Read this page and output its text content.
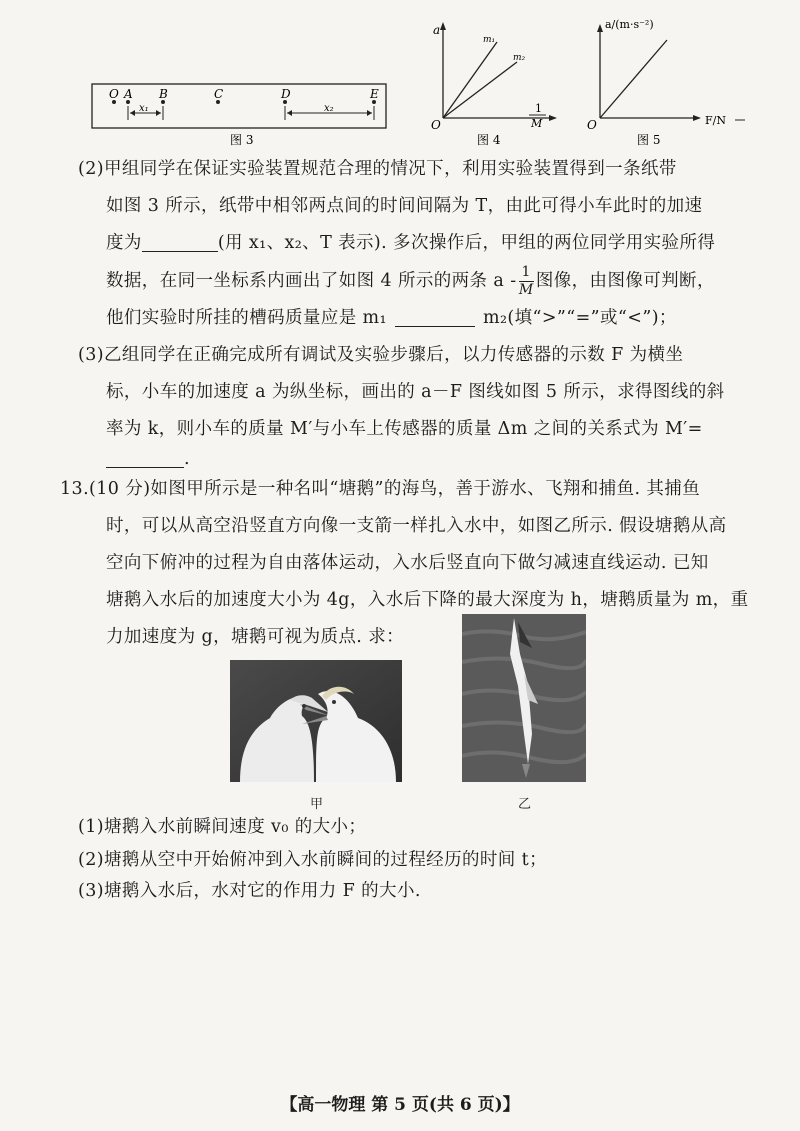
O A B	C	D	E
x₁	x₂
图 3
a
O
m₁
m₂
1
M
图 4
a/(m·s⁻²)
O	F/N
图 5
(2)甲组同学在保证实验装置规范合理的情况下，利用实验装置得到一条纸带
如图 3 所示，纸带中相邻两点间的时间间隔为 T，由此可得小车此时的加速
度为	(用 x₁、x₂、T 表示). 多次操作后，甲组的两位同学用实验所得
数据，在同一坐标系内画出了如图 4 所示的两条 a - $\frac{1}{M}$ 图像，由图像可判断，
他们实验时所挂的槽码质量应是 m₁	m₂(填“>”“=”或“<”)；
(3)乙组同学在正确完成所有调试及实验步骤后，以力传感器的示数 F 为横坐
标，小车的加速度 a 为纵坐标，画出的 a－F 图线如图 5 所示，求得图线的斜
率为 k，则小车的质量 M′与小车上传感器的质量 Δm 之间的关系式为 M′=
.
13.(10 分)如图甲所示是一种名叫“塘鹅”的海鸟，善于游水、飞翔和捕鱼. 其捕鱼
时，可以从高空沿竖直方向像一支箭一样扎入水中，如图乙所示. 假设塘鹅从高
空向下俯冲的过程为自由落体运动，入水后竖直向下做匀减速直线运动. 已知
塘鹅入水后的加速度大小为 4g，入水后下降的最大深度为 h，塘鹅质量为 m，重
力加速度为 g，塘鹅可视为质点. 求：
甲	乙
(1)塘鹅入水前瞬间速度 v₀ 的大小；
(2)塘鹅从空中开始俯冲到入水前瞬间的过程经历的时间 t；
(3)塘鹅入水后，水对它的作用力 F 的大小.
【高一物理 第 5 页(共 6 页)】
